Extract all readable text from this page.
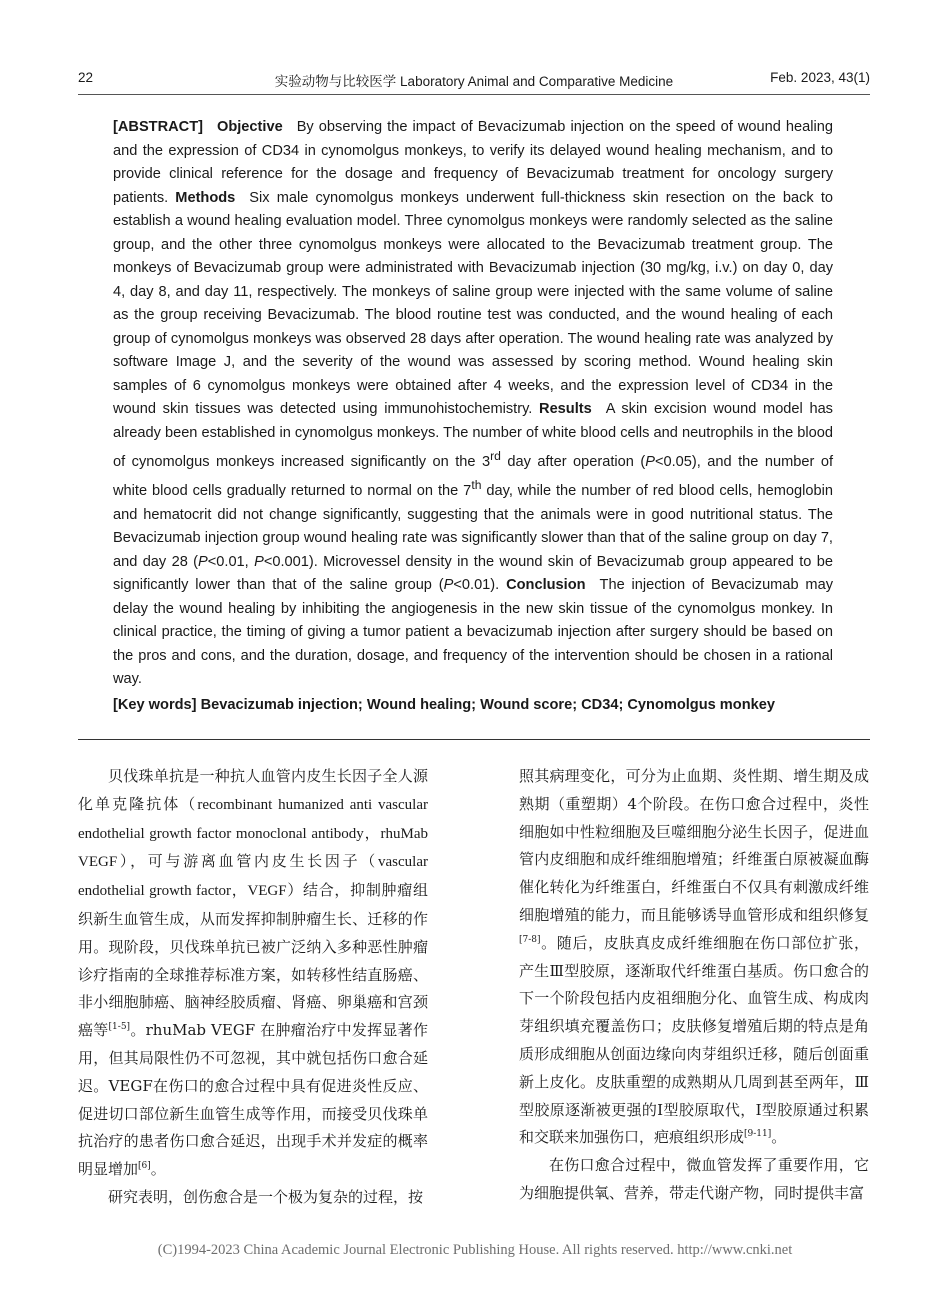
22	实验动物与比较医学 Laboratory Animal and Comparative Medicine	Feb. 2023, 43(1)
[ABSTRACT] Objective By observing the impact of Bevacizumab injection on the speed of wound healing and the expression of CD34 in cynomolgus monkeys, to verify its delayed wound healing mechanism, and to provide clinical reference for the dosage and frequency of Bevacizumab treatment for oncology surgery patients. Methods Six male cynomolgus monkeys underwent full-thickness skin resection on the back to establish a wound healing evaluation model. Three cynomolgus monkeys were randomly selected as the saline group, and the other three cynomolgus monkeys were allocated to the Bevacizumab treatment group. The monkeys of Bevacizumab group were administrated with Bevacizumab injection (30 mg/kg, i.v.) on day 0, day 4, day 8, and day 11, respectively. The monkeys of saline group were injected with the same volume of saline as the group receiving Bevacizumab. The blood routine test was conducted, and the wound healing of each group of cynomolgus monkeys was observed 28 days after operation. The wound healing rate was analyzed by software Image J, and the severity of the wound was assessed by scoring method. Wound healing skin samples of 6 cynomolgus monkeys were obtained after 4 weeks, and the expression level of CD34 in the wound skin tissues was detected using immunohistochemistry. Results A skin excision wound model has already been established in cynomolgus monkeys. The number of white blood cells and neutrophils in the blood of cynomolgus monkeys increased significantly on the 3rd day after operation (P<0.05), and the number of white blood cells gradually returned to normal on the 7th day, while the number of red blood cells, hemoglobin and hematocrit did not change significantly, suggesting that the animals were in good nutritional status. The Bevacizumab injection group wound healing rate was significantly slower than that of the saline group on day 7, and day 28 (P<0.01, P<0.001). Microvessel density in the wound skin of Bevacizumab group appeared to be significantly lower than that of the saline group (P<0.01). Conclusion The injection of Bevacizumab may delay the wound healing by inhibiting the angiogenesis in the new skin tissue of the cynomolgus monkey. In clinical practice, the timing of giving a tumor patient a bevacizumab injection after surgery should be based on the pros and cons, and the duration, dosage, and frequency of the intervention should be chosen in a rational way.
[Key words] Bevacizumab injection; Wound healing; Wound score; CD34; Cynomolgus monkey

贝伐珠单抗是一种抗人血管内皮生长因子全人源化单克隆抗体（recombinant humanized anti vascular endothelial growth factor monoclonal antibody，rhuMab VEGF），可与游离血管内皮生长因子（vascular endothelial growth factor，VEGF）结合，抑制肿瘤组织新生血管生成，从而发挥抑制肿瘤生长、迁移的作用。现阶段，贝伐珠单抗已被广泛纳入多种恶性肿瘤诊疗指南的全球推荐标准方案，如转移性结直肠癌、非小细胞肺癌、脑神经胶质瘤、肾癌、卵巢癌和宫颈癌等[1-5]。rhuMab VEGF 在肿瘤治疗中发挥显著作用，但其局限性仍不可忽视，其中就包括伤口愈合延迟。VEGF在伤口的愈合过程中具有促进炎性反应、促进切口部位新生血管生成等作用，而接受贝伐珠单抗治疗的患者伤口愈合延迟，出现手术并发症的概率明显增加[6]。

研究表明，创伤愈合是一个极为复杂的过程，按

照其病理变化，可分为止血期、炎性期、增生期及成熟期（重塑期）4个阶段。在伤口愈合过程中，炎性细胞如中性粒细胞及巨噬细胞分泌生长因子，促进血管内皮细胞和成纤维细胞增殖；纤维蛋白原被凝血酶催化转化为纤维蛋白，纤维蛋白不仅具有刺激成纤维细胞增殖的能力，而且能够诱导血管形成和组织修复[7-8]。随后，皮肤真皮成纤维细胞在伤口部位扩张，产生Ⅲ型胶原，逐渐取代纤维蛋白基质。伤口愈合的下一个阶段包括内皮祖细胞分化、血管生成、构成肉芽组织填充覆盖伤口；皮肤修复增殖后期的特点是角质形成细胞从创面边缘向肉芽组织迁移，随后创面重新上皮化。皮肤重塑的成熟期从几周到甚至两年，Ⅲ型胶原逐渐被更强的Ⅰ型胶原取代，Ⅰ型胶原通过积累和交联来加强伤口，疤痕组织形成[9-11]。

在伤口愈合过程中，微血管发挥了重要作用，它为细胞提供氧、营养，带走代谢产物，同时提供丰富

(C)1994-2023 China Academic Journal Electronic Publishing House. All rights reserved. http://www.cnki.net
